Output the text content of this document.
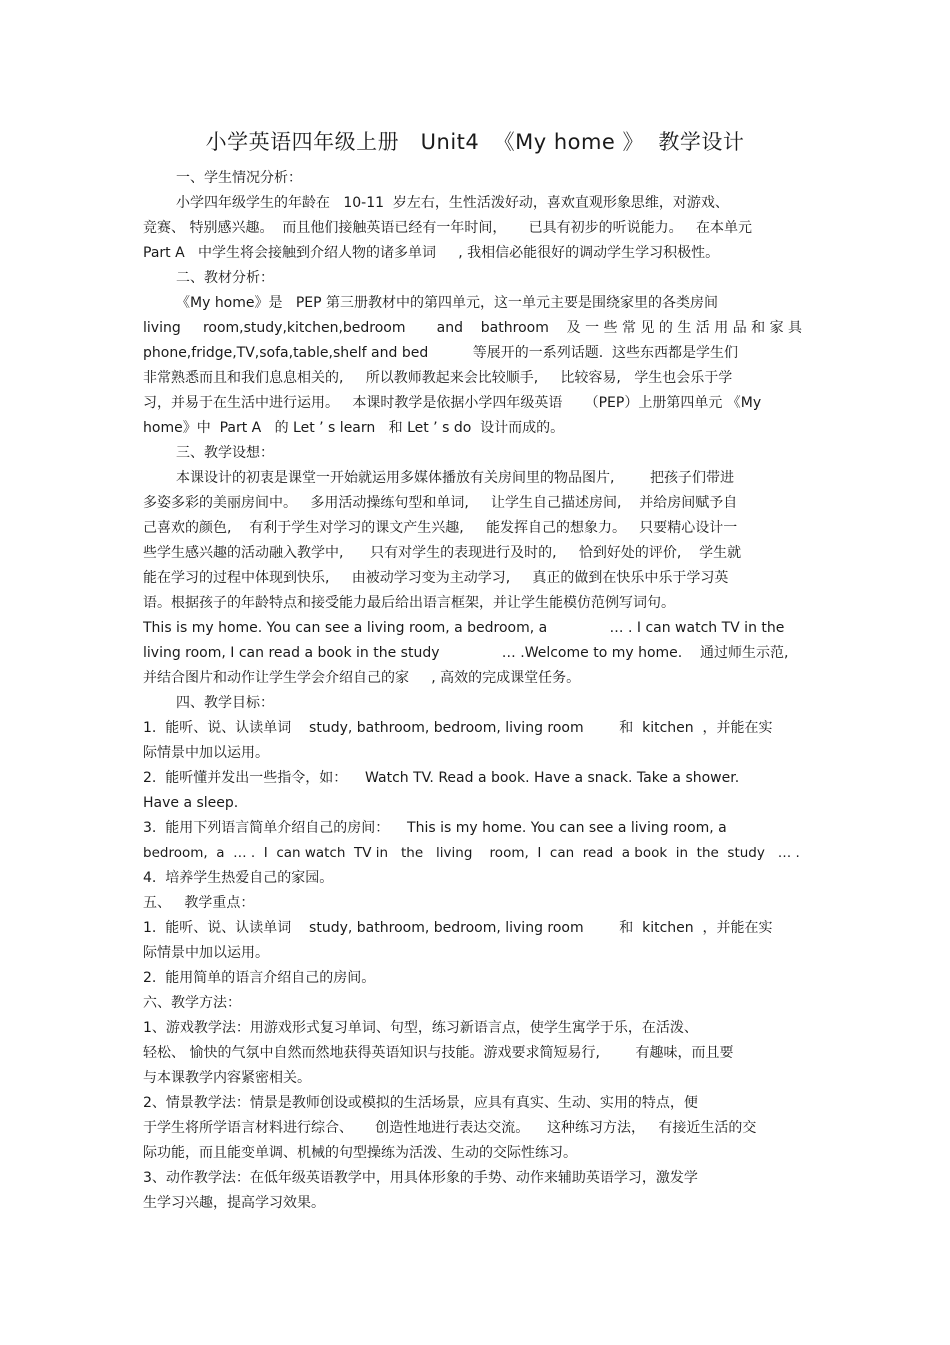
小学英语四年级上册   Unit4  《My home 》  教学设计
一、学生情况分析：
小学四年级学生的年龄在   10-11  岁左右，生性活泼好动，喜欢直观形象思维，对游戏、
竞赛、 特别感兴趣。  而且他们接触英语已经有一年时间，     已具有初步的听说能力。   在本单元
Part A   中学生将会接触到介绍人物的诸多单词     , 我相信必能很好的调动学生学习积极性。
二、教材分析：
《My home》是   PEP 第三册教材中的第四单元，这一单元主要是围绕家里的各类房间
living     room,study,kitchen,bedroom       and    bathroom    及 一 些 常 见 的 生 活 用 品 和 家 具
phone,fridge,TV,sofa,table,shelf and bed          等展开的一系列话题.  这些东西都是学生们
非常熟悉而且和我们息息相关的,     所以教师教起来会比较顺手,     比较容易,   学生也会乐于学
习，并易于在生活中进行运用。   本课时教学是依据小学四年级英语     （PEP）上册第四单元 《My
home》中  Part A   的 Let ’ s learn   和 Let ’ s do  设计而成的。
三、教学设想：
本课设计的初衷是课堂一开始就运用多媒体播放有关房间里的物品图片,        把孩子们带进
多姿多彩的美丽房间中。   多用活动操练句型和单词,     让学生自己描述房间,    并给房间赋予自
己喜欢的颜色,    有利于学生对学习的课文产生兴趣,     能发挥自己的想象力。   只要精心设计一
些学生感兴趣的活动融入教学中,      只有对学生的表现进行及时的,     恰到好处的评价,    学生就
能在学习的过程中体现到快乐,     由被动学习变为主动学习,     真正的做到在快乐中乐于学习英
语。根据孩子的年龄特点和接受能力最后给出语言框架，并让学生能模仿范例写词句。
This is my home. You can see a living room, a bedroom, a              … . I can watch TV in the
living room, I can read a book in the study              … .Welcome to my home.    通过师生示范,
并结合图片和动作让学生学会介绍自己的家     , 高效的完成课堂任务。
四、教学目标：
1.  能听、说、认读单词    study, bathroom, bedroom, living room        和  kitchen  ，并能在实
际情景中加以运用。
2.  能听懂并发出一些指令，如：    Watch TV. Read a book. Have a snack. Take a shower.
Have a sleep.
3.  能用下列语言简单介绍自己的房间：    This is my home. You can see a living room, a
bedroom,  a  … .  I  can watch  TV in   the   living    room,  I  can  read  a book  in  the  study   … .
4.  培养学生热爱自己的家园。
五、   教学重点：
1.  能听、说、认读单词    study, bathroom, bedroom, living room        和  kitchen  ，并能在实
际情景中加以运用。
2.  能用简单的语言介绍自己的房间。
六、教学方法：
1、游戏教学法：用游戏形式复习单词、句型，练习新语言点，使学生寓学于乐，在活泼、
轻松、 愉快的气氛中自然而然地获得英语知识与技能。游戏要求简短易行,        有趣味，而且要
与本课教学内容紧密相关。
2、情景教学法：情景是教师创设或模拟的生活场景，应具有真实、生动、实用的特点，便
于学生将所学语言材料进行综合、     创造性地进行表达交流。    这种练习方法，   有接近生活的交
际功能，而且能变单调、机械的句型操练为活泼、生动的交际性练习。
3、动作教学法：在低年级英语教学中，用具体形象的手势、动作来辅助英语学习，激发学
生学习兴趣，提高学习效果。
